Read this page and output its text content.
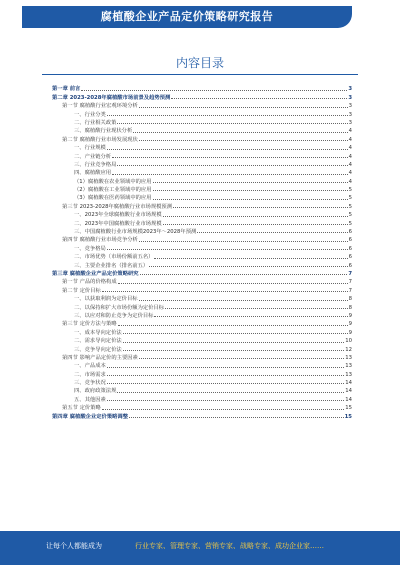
腐植酸企业产品定价策略研究报告
内容目录
第一章 前言	3
第二章 2023-2028年腐植酸市场前景及趋势预测	3
第一节 腐植酸行业宏观环境分析	3
一、行业分类	3
二、行业相关政策	3
三、腐植酸行业现状分析	4
第二节 腐植酸行业市场发展现状	4
一、行业规模	4
二、产业链分析	4
三、行业竞争格局	4
四、腐植酸应用	4
（1）腐植酸在农业领域中的应用	4
（2）腐植酸在工业领域中的应用	5
（3）腐植酸在医药领域中的应用	5
第三节 2023-2028年腐植酸行业市场规模预测	5
一、2023年全球腐植酸行业市场规模	5
二、2023年中国腐植酸行业市场规模	5
三、中国腐植酸行业市场规模2023年～2028年预测	6
第四节 腐植酸行业市场竞争分析	6
一、竞争格局	6
二、市场优势（市场份额前五名）	6
三、主要企业排名（排名前五）	6
第三章 腐植酸企业产品定价策略研究	7
第一节 产品的价格构成	7
第二节 定价目标	7
一、以获取利润为定价目标	8
二、以保持和扩大市场份额为定价目标	8
三、以应对和防止竞争为定价目标	9
第三节 定价方法与策略	9
一、成本导向定价法	9
二、需求导向定价法	10
三、竞争导向定价法	12
第四节 影响产品定价的主要因素	13
一、产品成本	13
二、市场需求	13
三、竞争状况	14
四、政府政策法规	14
五、其他因素	14
第五节 定价策略	15
第四章 腐植酸企业定价策略调整	15
让每个人都能成为	行业专家、管理专家、营销专家、战略专家、成功企业家……
